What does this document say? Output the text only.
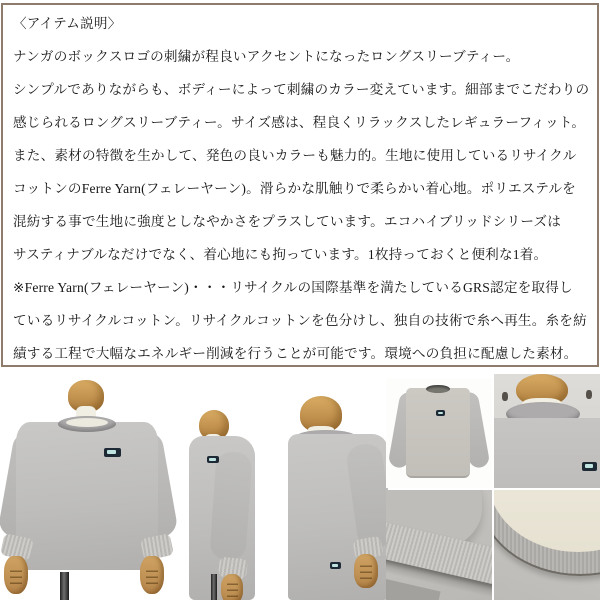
〈アイテム説明〉
ナンガのボックスロゴの刺繍が程良いアクセントになったロングスリーブティー。
シンプルでありながらも、ボディーによって刺繍のカラー変えています。細部までこだわりの
感じられるロングスリーブティー。サイズ感は、程良くリラックスしたレギュラーフィット。
また、素材の特徴を生かして、発色の良いカラーも魅力的。生地に使用しているリサイクル
コットンのFerre Yarn(フェレーヤーン)。滑らかな肌触りで柔らかい着心地。ポリエステルを
混紡する事で生地に強度としなやかさをプラスしています。エコハイブリッドシリーズは
サスティナブルなだけでなく、着心地にも拘っています。1枚持っておくと便利な1着。
※Ferre Yarn(フェレーヤーン)・・・リサイクルの国際基準を満たしているGRS認定を取得し
ているリサイクルコットン。リサイクルコットンを色分けし、独自の技術で糸へ再生。糸を紡
績する工程で大幅なエネルギー削減を行うことが可能です。環境への負担に配慮した素材。
